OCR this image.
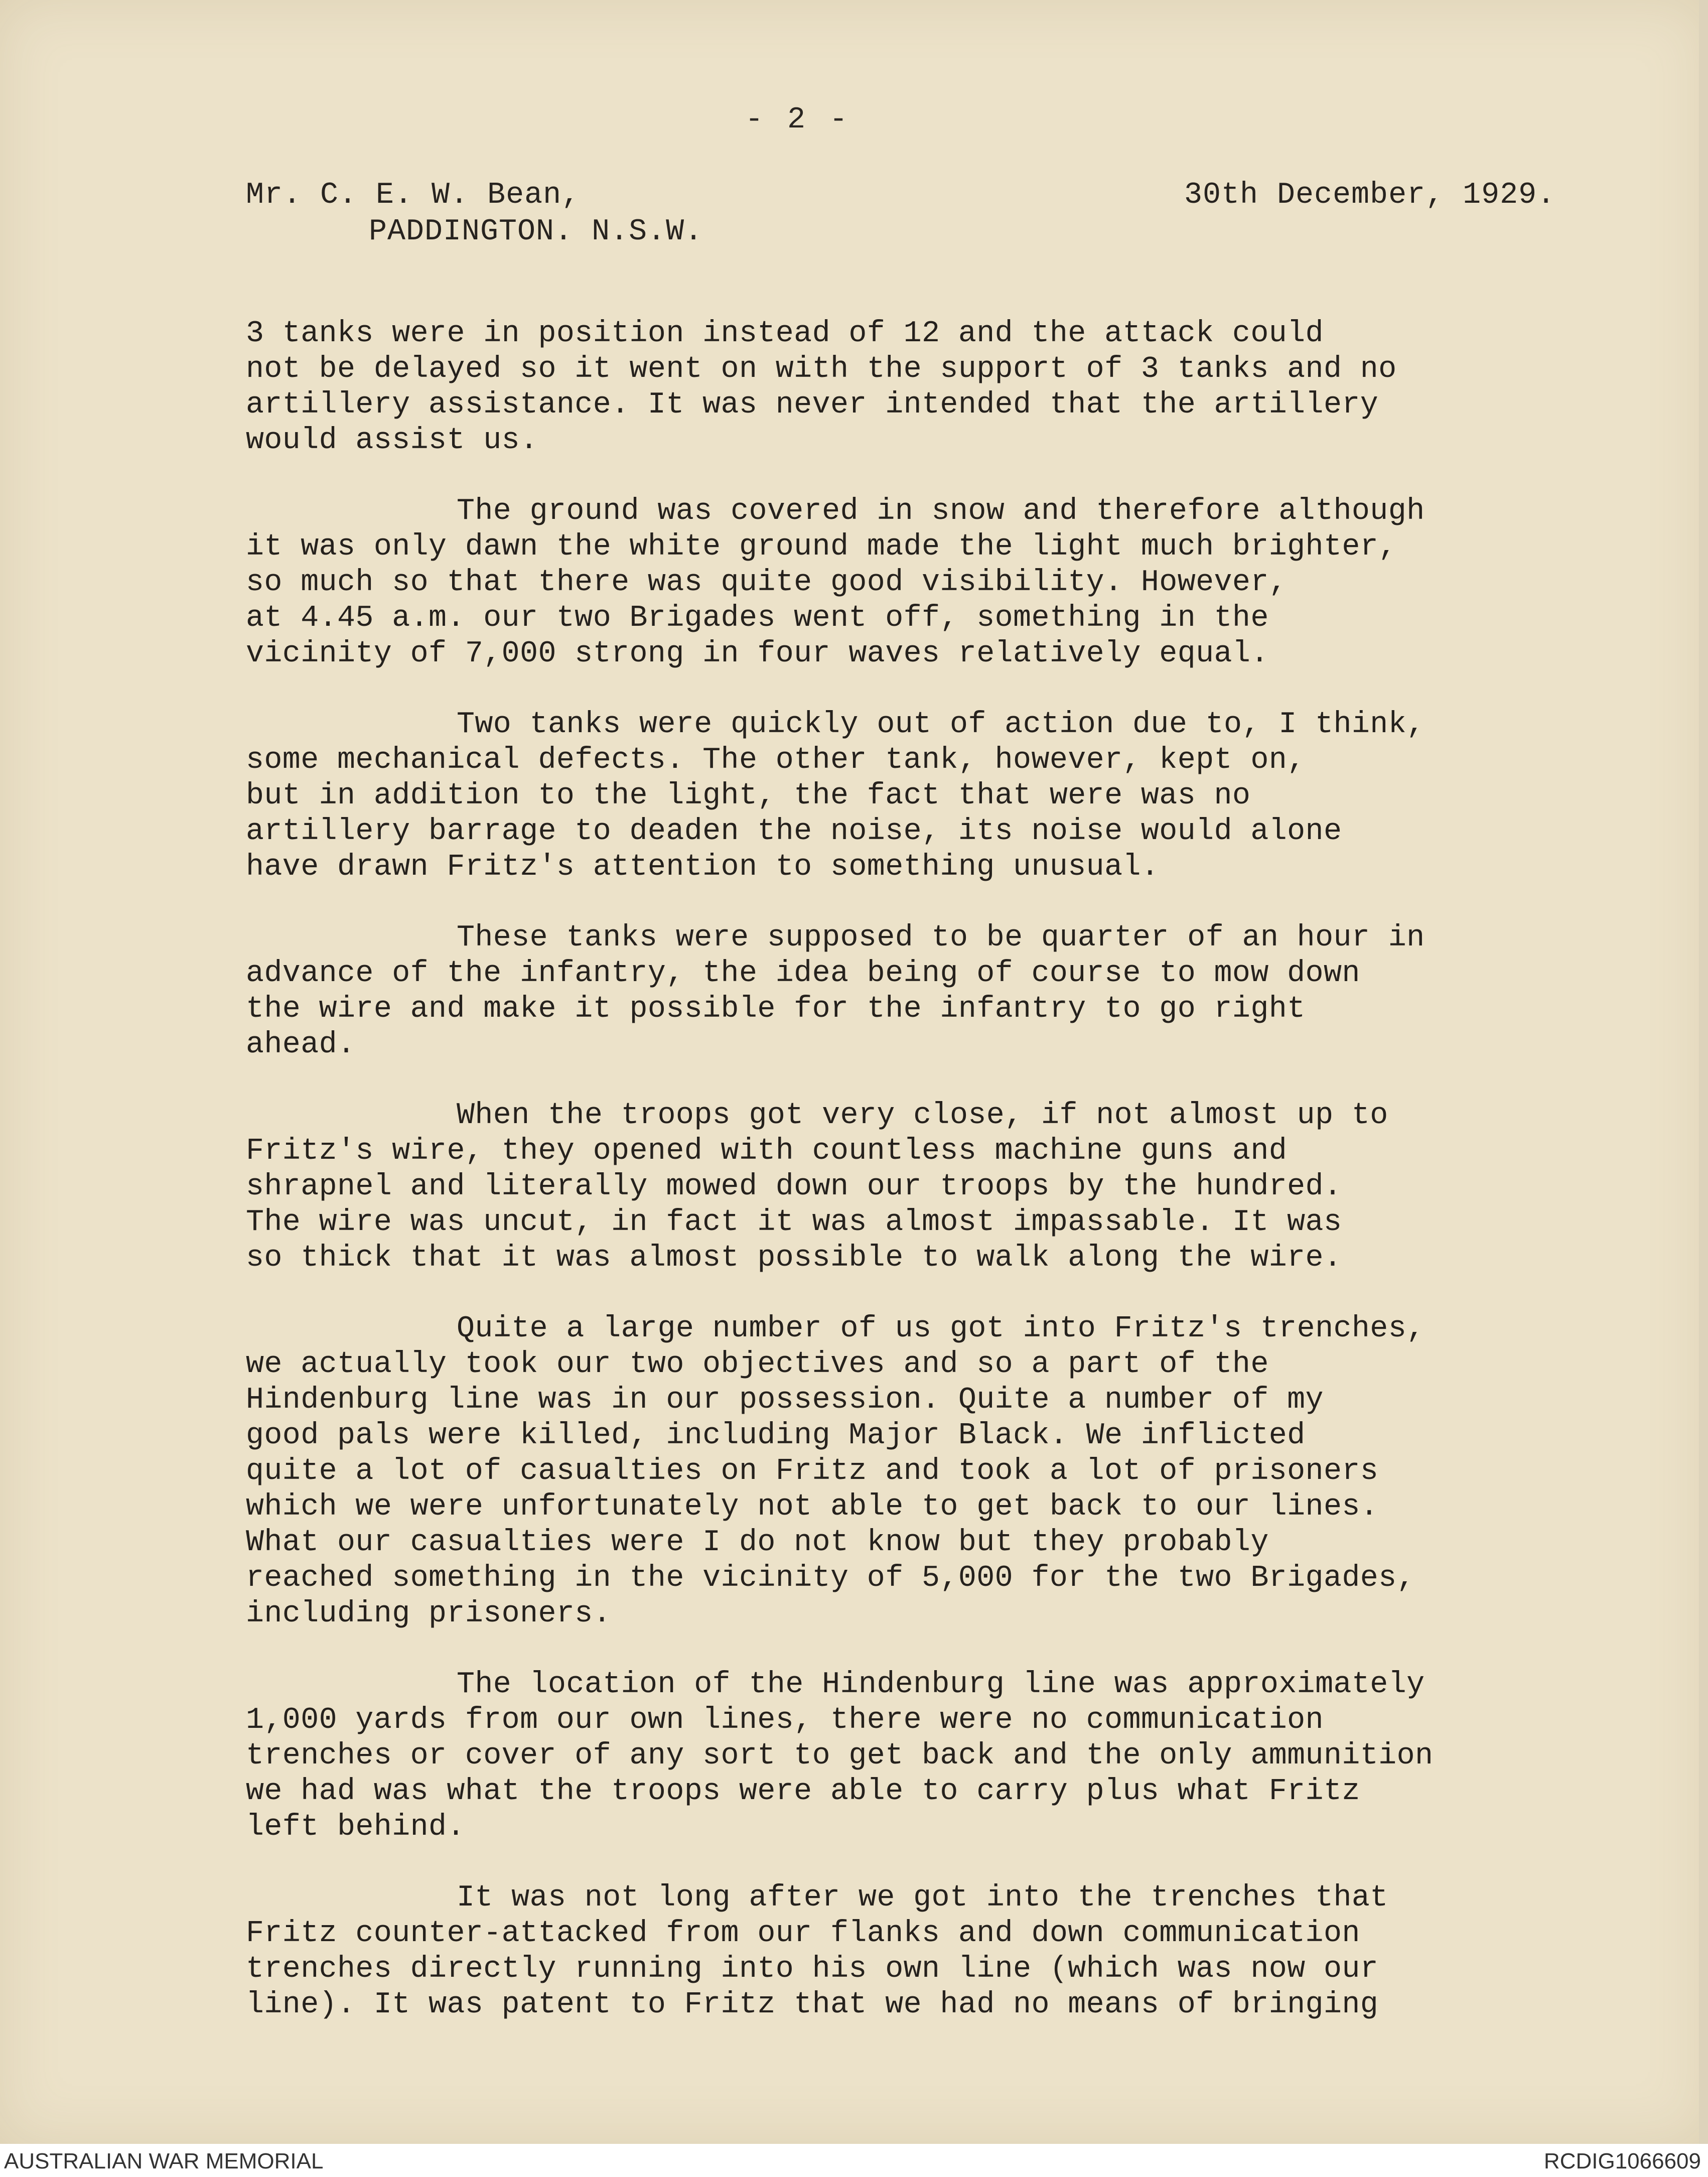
- 2 -
Mr. C. E. W. Bean,
PADDINGTON. N.S.W.
30th December, 1929.

3 tanks were in position instead of 12 and the attack could
not be delayed so it went on with the support of 3 tanks and no
artillery assistance. It was never intended that the artillery
would assist us.

The ground was covered in snow and therefore although
it was only dawn the white ground made the light much brighter,
so much so that there was quite good visibility. However,
at 4.45 a.m. our two Brigades went off, something in the
vicinity of 7,000 strong in four waves relatively equal.

Two tanks were quickly out of action due to, I think,
some mechanical defects. The other tank, however, kept on,
but in addition to the light, the fact that were was no
artillery barrage to deaden the noise, its noise would alone
have drawn Fritz's attention to something unusual.

These tanks were supposed to be quarter of an hour in
advance of the infantry, the idea being of course to mow down
the wire and make it possible for the infantry to go right
ahead.

When the troops got very close, if not almost up to
Fritz's wire, they opened with countless machine guns and
shrapnel and literally mowed down our troops by the hundred.
The wire was uncut, in fact it was almost impassable. It was
so thick that it was almost possible to walk along the wire.

Quite a large number of us got into Fritz's trenches,
we actually took our two objectives and so a part of the
Hindenburg line was in our possession. Quite a number of my
good pals were killed, including Major Black. We inflicted
quite a lot of casualties on Fritz and took a lot of prisoners
which we were unfortunately not able to get back to our lines.
What our casualties were I do not know but they probably
reached something in the vicinity of 5,000 for the two Brigades,
including prisoners.

The location of the Hindenburg line was approximately
1,000 yards from our own lines, there were no communication
trenches or cover of any sort to get back and the only ammunition
we had was what the troops were able to carry plus what Fritz
left behind.

It was not long after we got into the trenches that
Fritz counter-attacked from our flanks and down communication
trenches directly running into his own line (which was now our
line). It was patent to Fritz that we had no means of bringing

AUSTRALIAN WAR MEMORIAL	RCDIG1066609
